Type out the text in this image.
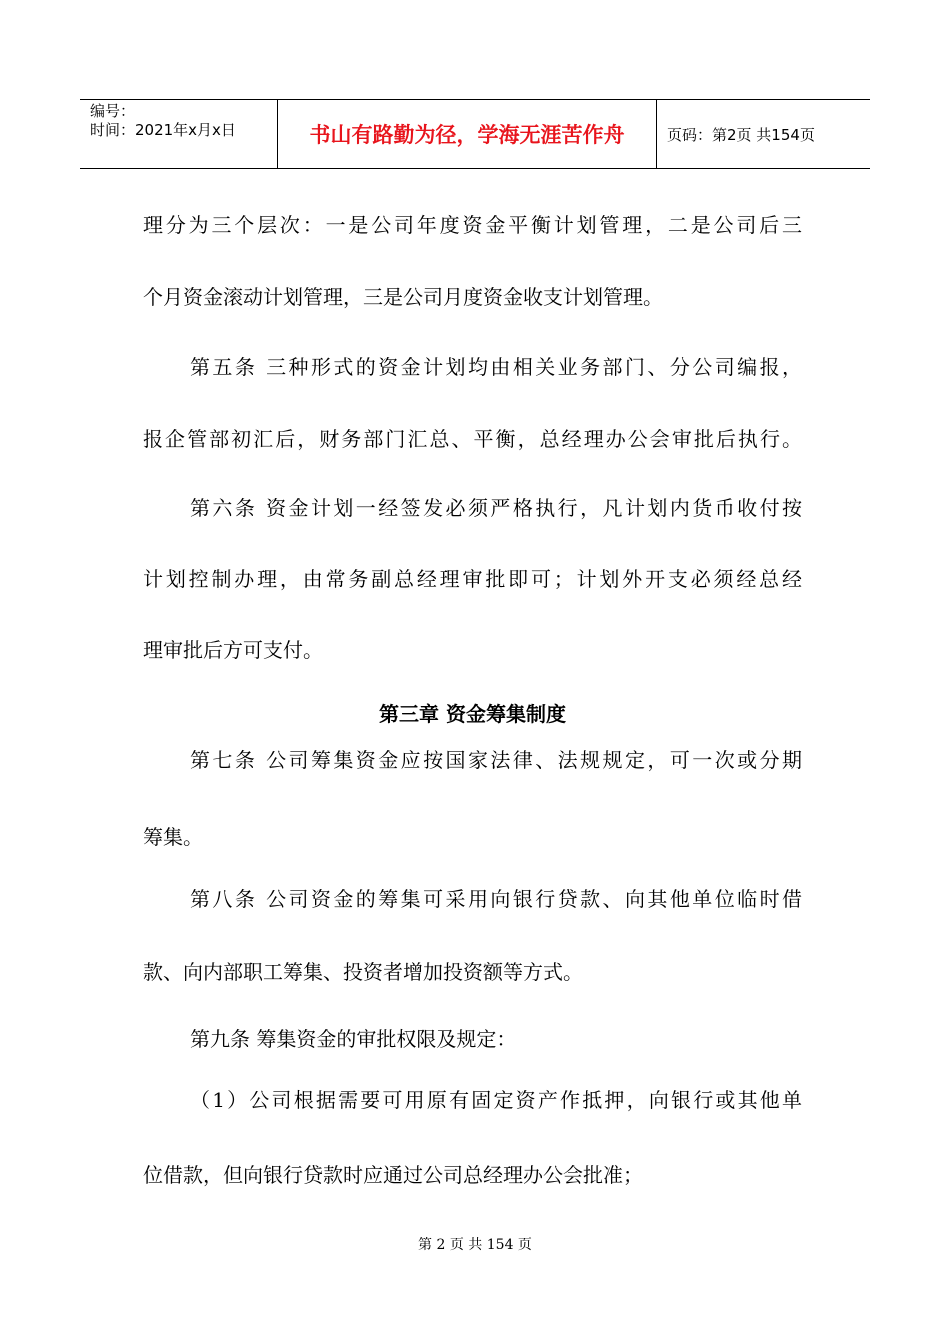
编号：
时间：2021年x月x日	书山有路勤为径，学海无涯苦作舟	页码：第2页 共154页
理分为三个层次：一是公司年度资金平衡计划管理，二是公司后三
个月资金滚动计划管理，三是公司月度资金收支计划管理。
第五条 三种形式的资金计划均由相关业务部门、分公司编报，
报企管部初汇后，财务部门汇总、平衡，总经理办公会审批后执行。
第六条 资金计划一经签发必须严格执行，凡计划内货币收付按
计划控制办理，由常务副总经理审批即可；计划外开支必须经总经
理审批后方可支付。
第三章 资金筹集制度
第七条 公司筹集资金应按国家法律、法规规定，可一次或分期
筹集。
第八条 公司资金的筹集可采用向银行贷款、向其他单位临时借
款、向内部职工筹集、投资者增加投资额等方式。
第九条 筹集资金的审批权限及规定：
（1）公司根据需要可用原有固定资产作抵押，向银行或其他单
位借款，但向银行贷款时应通过公司总经理办公会批准；
第 2 页 共 154 页
